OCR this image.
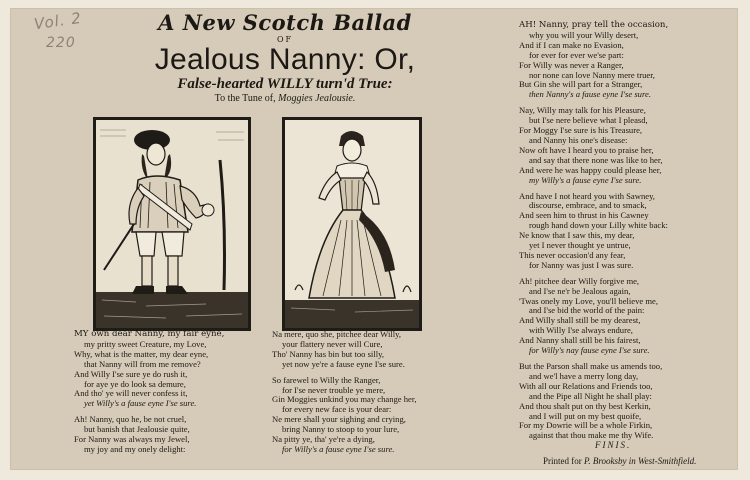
Vol. 2
220
A New Scotch Ballad
OF
Jealous Nanny: Or,
False-hearted WILLY turn'd True:
To the Tune of, Moggies Jealousie.
MY own dear Nanny, my fair eyne,
my pritty sweet Creature, my Love,
Why, what is the matter, my dear eyne,
that Nanny will from me remove?
And Willy I'se sure ye do rush it,
for aye ye do look sa demure,
And tho' ye will never confess it,
yet Willy's a fause eyne I'se sure.
Ah! Nanny, quo he, be not cruel,
but banish that Jealousie quite,
For Nanny was always my Jewel,
my joy and my onely delight:
Na mere, quo she, pitchee dear Willy,
your flattery never will Cure,
Tho' Nanny has bin but too silly,
yet now ye're a fause eyne I'se sure.
So farewel to Willy the Ranger,
for I'se never trouble ye mere,
Gin Moggies unkind you may change her,
for every new face is your dear:
Ne mere shall your sighing and crying,
bring Nanny to stoop to your lure,
Na pitty ye, tha' ye're a dying,
for Willy's a fause eyne I'se sure.
AH! Nanny, pray tell the occasion,
why you will your Willy desert,
And if I can make no Evasion,
for ever for ever we'se part:
For Willy was never a Ranger,
nor none can love Nanny mere truer,
But Gin she will part for a Stranger,
then Nanny's a fause eyne I'se sure.
Nay, Willy may talk for his Pleasure,
but I'se nere believe what I pleasd,
For Moggy I'se sure is his Treasure,
and Nanny his one's disease:
Now oft have I heard you to praise her,
and say that there none was like to her,
And were he was happy could please her,
my Willy's a fause eyne I'se sure.
And have I not heard you with Sawney,
discourse, embrace, and to smack,
And seen him to thrust in his Cawney
rough hand down your Lilly white back:
Ne know that I saw this, my dear,
yet I never thought ye untrue,
This never occasion'd any fear,
for Nanny was just I was sure.
Ah! pitchee dear Willy forgive me,
and I'se ne'r be Jealous again,
'Twas onely my Love, you'll believe me,
and I'se bid the world of the pain:
And Willy shall still be my dearest,
with Willy I'se always endure,
And Nanny shall still be his fairest,
for Willy's nay fause eyne I'se sure.
But the Parson shall make us amends too,
and we'l have a merry long day,
With all our Relations and Friends too,
and the Pipe all Night he shall play:
And thou shalt put on thy best Kerkin,
and I will put on my best quoife,
For my Dowrie will be a whole Firkin,
against that thou make me thy Wife.
FINIS.
Printed for P. Brooksby in West-Smithfield.
